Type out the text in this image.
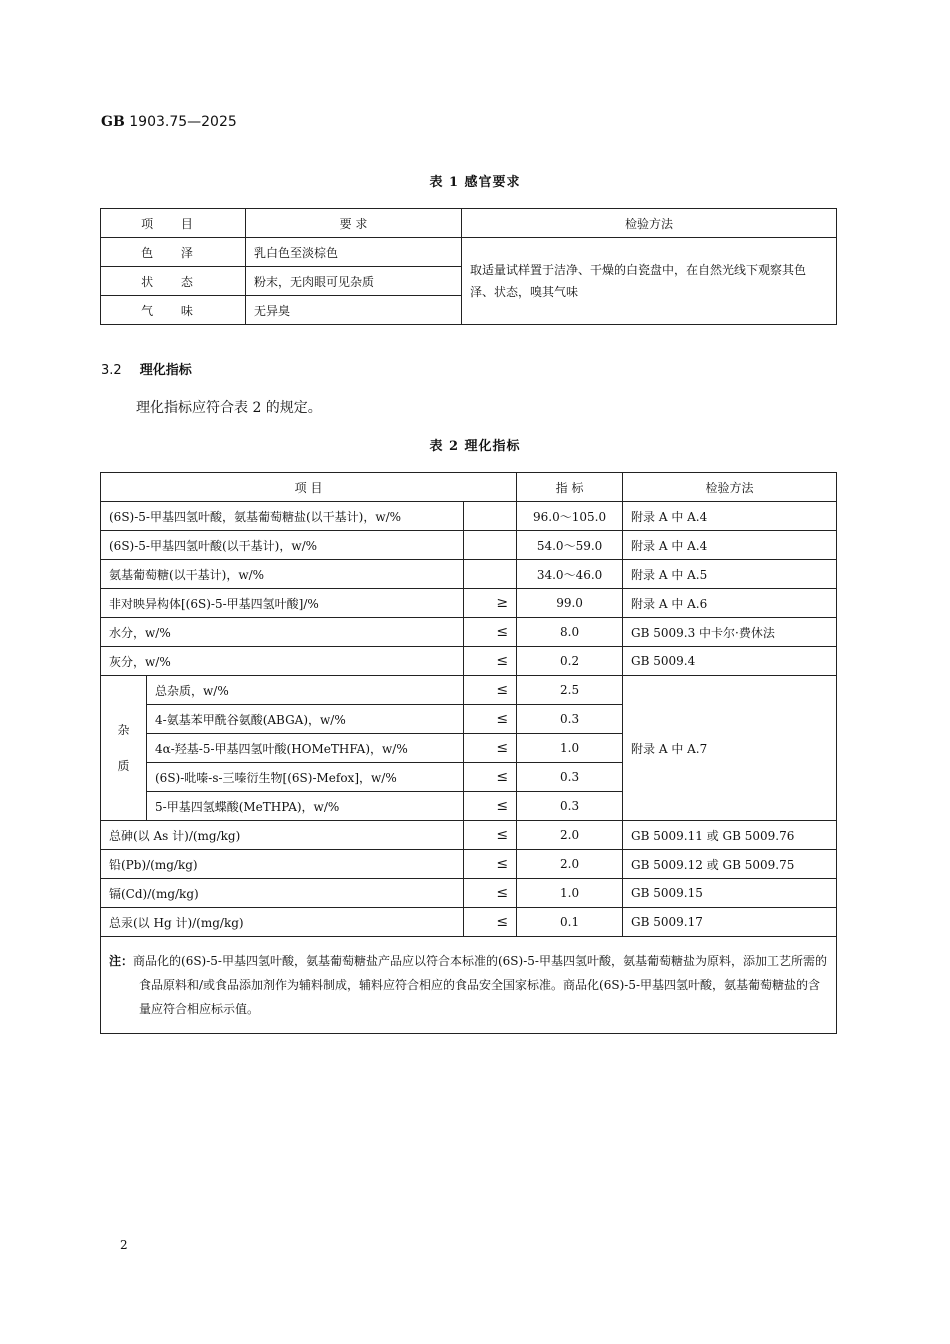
GB 1903.75—2025
表 1 感官要求
项 目	要 求	检验方法
色 泽	乳白色至淡棕色	取适量试样置于洁净、干燥的白瓷盘中，在自然光线下观察其色泽、状态，嗅其气味
状 态	粉末，无肉眼可见杂质	
气 味	无异臭	
3.2 理化指标
理化指标应符合表 2 的规定。
表 2 理化指标
项 目			指 标	检验方法
(6S)-5-甲基四氢叶酸，氨基葡萄糖盐(以干基计)，w/%			96.0～105.0	附录 A 中 A.4
(6S)-5-甲基四氢叶酸(以干基计)，w/%			54.0～59.0	附录 A 中 A.4
氨基葡萄糖(以干基计)，w/%			34.0～46.0	附录 A 中 A.5
非对映异构体[(6S)-5-甲基四氢叶酸]/%		≥	99.0	附录 A 中 A.6
水分，w/%		≤	8.0	GB 5009.3 中卡尔·费休法
灰分，w/%		≤	0.2	GB 5009.4
杂质	总杂质，w/%	≤	2.5	附录 A 中 A.7
	4-氨基苯甲酰谷氨酸(ABGA)，w/%	≤	0.3	
	4α-羟基-5-甲基四氢叶酸(HOMeTHFA)，w/%	≤	1.0	
	(6S)-吡嗪-s-三嗪衍生物[(6S)-Mefox]，w/%	≤	0.3	
	5-甲基四氢蝶酸(MeTHPA)，w/%	≤	0.3	
总砷(以 As 计)/(mg/kg)		≤	2.0	GB 5009.11 或 GB 5009.76
铅(Pb)/(mg/kg)		≤	2.0	GB 5009.12 或 GB 5009.75
镉(Cd)/(mg/kg)		≤	1.0	GB 5009.15
总汞(以 Hg 计)/(mg/kg)		≤	0.1	GB 5009.17
注：商品化的(6S)-5-甲基四氢叶酸，氨基葡萄糖盐产品应以符合本标准的(6S)-5-甲基四氢叶酸，氨基葡萄糖盐为原料，添加工艺所需的食品原料和/或食品添加剂作为辅料制成，辅料应符合相应的食品安全国家标准。商品化(6S)-5-甲基四氢叶酸，氨基葡萄糖盐的含量应符合相应标示值。				
2
